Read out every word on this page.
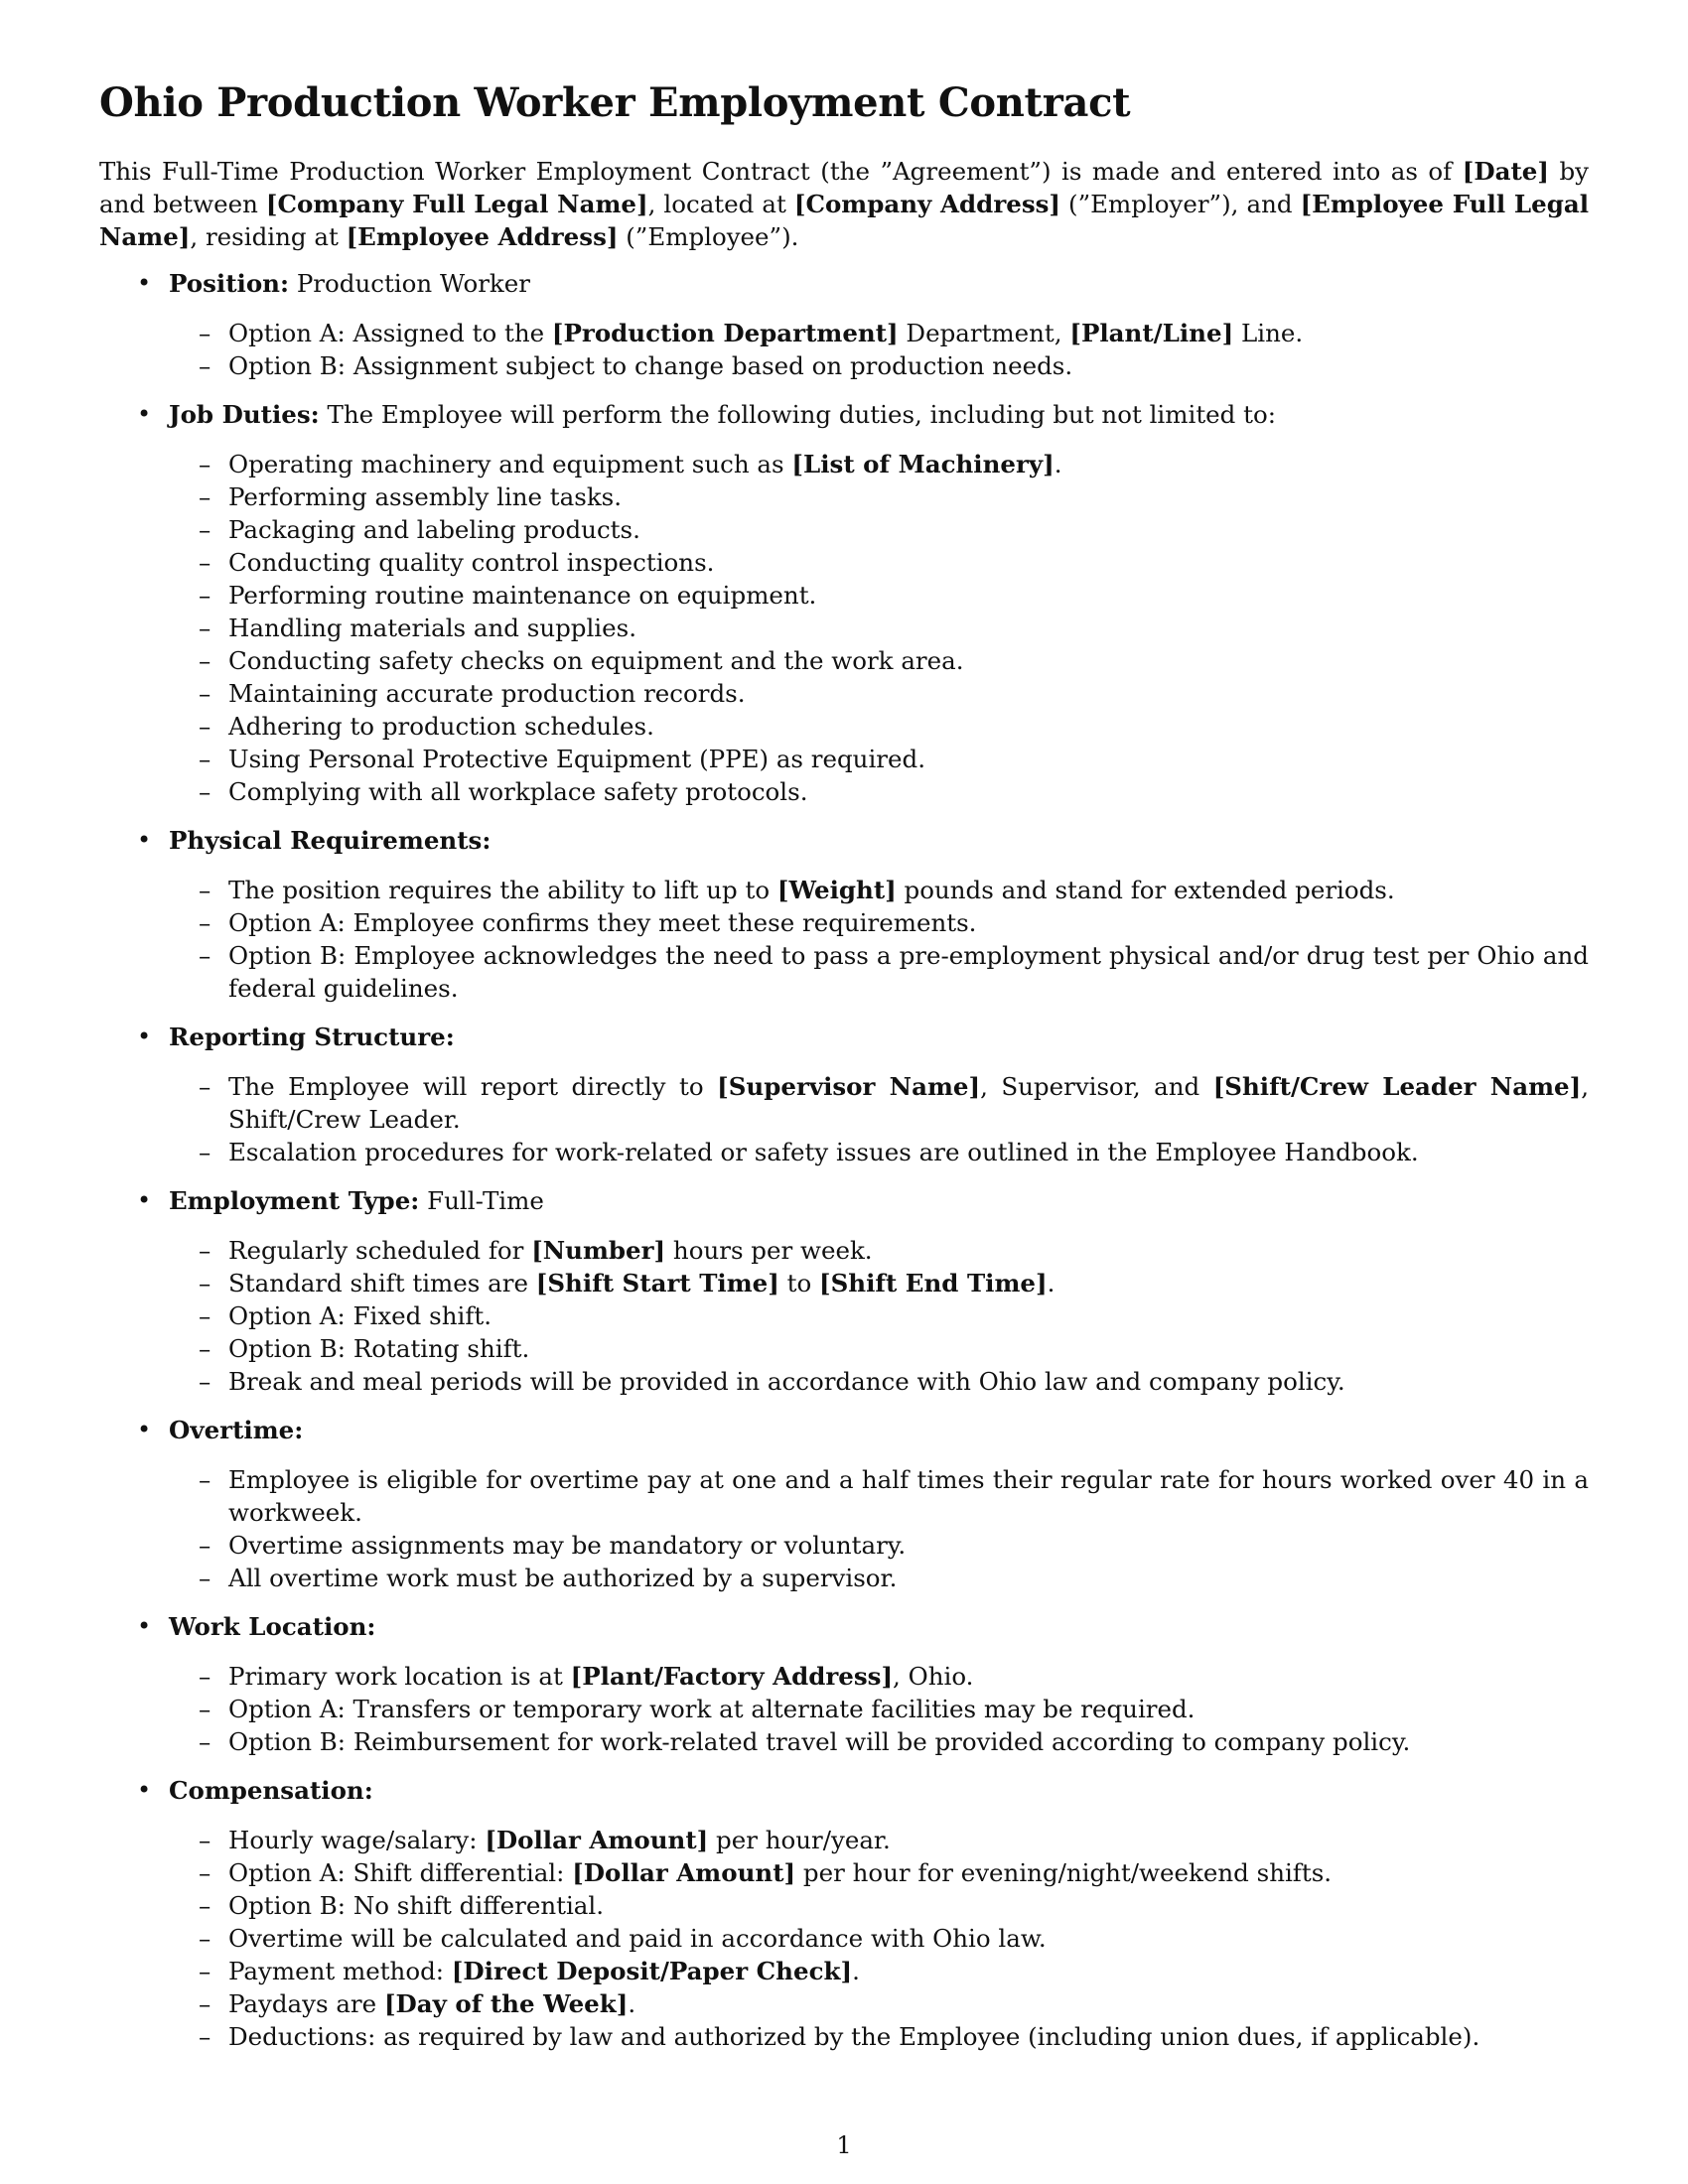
Ohio Production Worker Employment Contract

This Full-Time Production Worker Employment Contract (the ”Agreement”) is made and entered into as of [Date] by and between [Company Full Legal Name], located at [Company Address] (”Employer”), and [Employee Full Legal Name], residing at [Employee Address] (”Employee”).

• Position: Production Worker
– Option A: Assigned to the [Production Department] Department, [Plant/Line] Line.
– Option B: Assignment subject to change based on production needs.
• Job Duties: The Employee will perform the following duties, including but not limited to:
– Operating machinery and equipment such as [List of Machinery].
– Performing assembly line tasks.
– Packaging and labeling products.
– Conducting quality control inspections.
– Performing routine maintenance on equipment.
– Handling materials and supplies.
– Conducting safety checks on equipment and the work area.
– Maintaining accurate production records.
– Adhering to production schedules.
– Using Personal Protective Equipment (PPE) as required.
– Complying with all workplace safety protocols.
• Physical Requirements:
– The position requires the ability to lift up to [Weight] pounds and stand for extended periods.
– Option A: Employee confirms they meet these requirements.
– Option B: Employee acknowledges the need to pass a pre-employment physical and/or drug test per Ohio and federal guidelines.
• Reporting Structure:
– The Employee will report directly to [Supervisor Name], Supervisor, and [Shift/Crew Leader Name], Shift/Crew Leader.
– Escalation procedures for work-related or safety issues are outlined in the Employee Handbook.
• Employment Type: Full-Time
– Regularly scheduled for [Number] hours per week.
– Standard shift times are [Shift Start Time] to [Shift End Time].
– Option A: Fixed shift.
– Option B: Rotating shift.
– Break and meal periods will be provided in accordance with Ohio law and company policy.
• Overtime:
– Employee is eligible for overtime pay at one and a half times their regular rate for hours worked over 40 in a workweek.
– Overtime assignments may be mandatory or voluntary.
– All overtime work must be authorized by a supervisor.
• Work Location:
– Primary work location is at [Plant/Factory Address], Ohio.
– Option A: Transfers or temporary work at alternate facilities may be required.
– Option B: Reimbursement for work-related travel will be provided according to company policy.
• Compensation:
– Hourly wage/salary: [Dollar Amount] per hour/year.
– Option A: Shift differential: [Dollar Amount] per hour for evening/night/weekend shifts.
– Option B: No shift differential.
– Overtime will be calculated and paid in accordance with Ohio law.
– Payment method: [Direct Deposit/Paper Check].
– Paydays are [Day of the Week].
– Deductions: as required by law and authorized by the Employee (including union dues, if applicable).
1
